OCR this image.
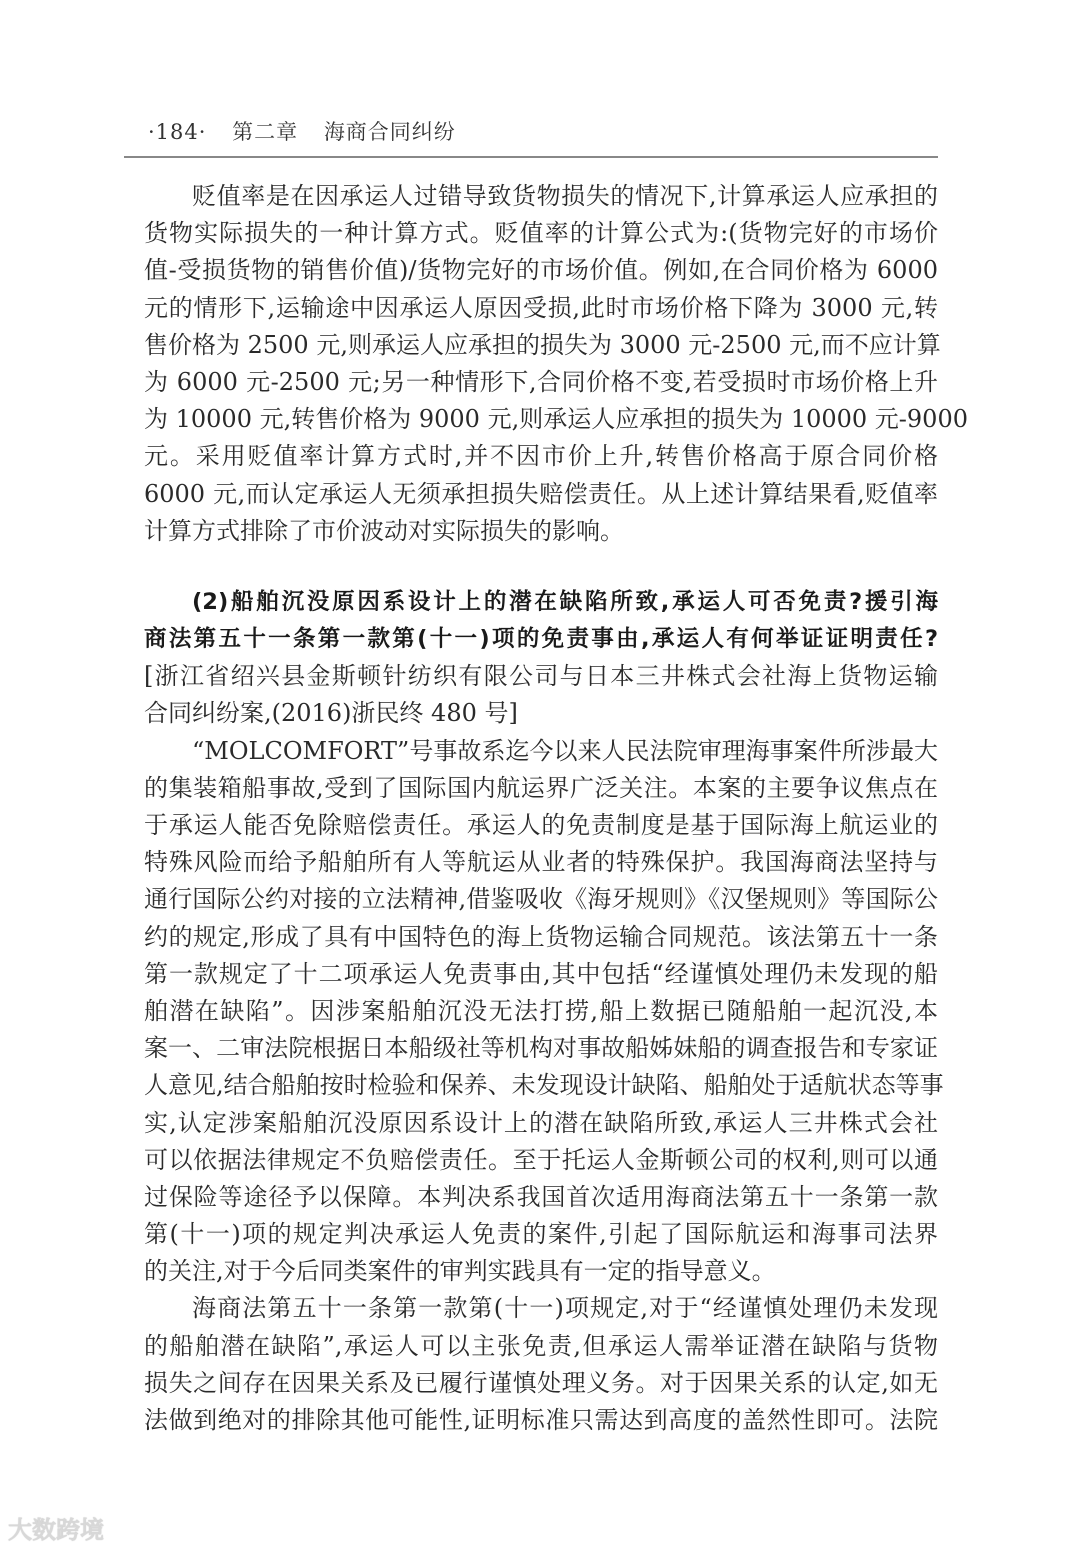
·184· 第二章 海商合同纠纷
贬值率是在因承运人过错导致货物损失的情况下,计算承运人应承担的
货物实际损失的一种计算方式。贬值率的计算公式为:(货物完好的市场价
值-受损货物的销售价值)/货物完好的市场价值。例如,在合同价格为 6000
元的情形下,运输途中因承运人原因受损,此时市场价格下降为 3000 元,转
售价格为 2500 元,则承运人应承担的损失为 3000 元-2500 元,而不应计算
为 6000 元-2500 元;另一种情形下,合同价格不变,若受损时市场价格上升
为 10000 元,转售价格为 9000 元,则承运人应承担的损失为 10000 元-9000
元。采用贬值率计算方式时,并不因市价上升,转售价格高于原合同价格
6000 元,而认定承运人无须承担损失赔偿责任。从上述计算结果看,贬值率
计算方式排除了市价波动对实际损失的影响。
(2)船舶沉没原因系设计上的潜在缺陷所致,承运人可否免责?援引海
商法第五十一条第一款第(十一)项的免责事由,承运人有何举证证明责任?
[浙江省绍兴县金斯顿针纺织有限公司与日本三井株式会社海上货物运输
合同纠纷案,(2016)浙民终 480 号]
“MOLCOMFORT”号事故系迄今以来人民法院审理海事案件所涉最大
的集装箱船事故,受到了国际国内航运界广泛关注。本案的主要争议焦点在
于承运人能否免除赔偿责任。承运人的免责制度是基于国际海上航运业的
特殊风险而给予船舶所有人等航运从业者的特殊保护。我国海商法坚持与
通行国际公约对接的立法精神,借鉴吸收《海牙规则》《汉堡规则》等国际公
约的规定,形成了具有中国特色的海上货物运输合同规范。该法第五十一条
第一款规定了十二项承运人免责事由,其中包括“经谨慎处理仍未发现的船
舶潜在缺陷”。因涉案船舶沉没无法打捞,船上数据已随船舶一起沉没,本
案一、二审法院根据日本船级社等机构对事故船姊妹船的调查报告和专家证
人意见,结合船舶按时检验和保养、未发现设计缺陷、船舶处于适航状态等事
实,认定涉案船舶沉没原因系设计上的潜在缺陷所致,承运人三井株式会社
可以依据法律规定不负赔偿责任。至于托运人金斯顿公司的权利,则可以通
过保险等途径予以保障。本判决系我国首次适用海商法第五十一条第一款
第(十一)项的规定判决承运人免责的案件,引起了国际航运和海事司法界
的关注,对于今后同类案件的审判实践具有一定的指导意义。
海商法第五十一条第一款第(十一)项规定,对于“经谨慎处理仍未发现
的船舶潜在缺陷”,承运人可以主张免责,但承运人需举证潜在缺陷与货物
损失之间存在因果关系及已履行谨慎处理义务。对于因果关系的认定,如无
法做到绝对的排除其他可能性,证明标准只需达到高度的盖然性即可。法院
大数跨境
